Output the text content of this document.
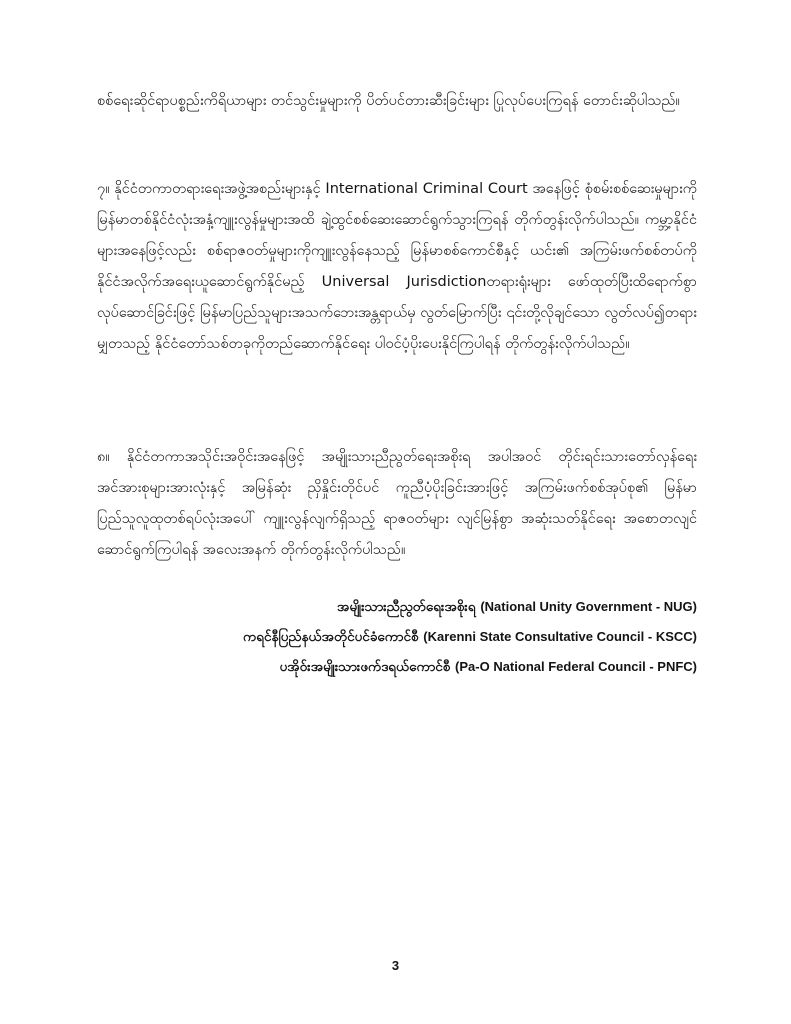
စစ်ရေးဆိုင်ရာပစ္စည်းကိရိယာများ တင်သွင်းမှုများကို ပိတ်ပင်တားဆီးခြင်းများ ပြုလုပ်ပေးကြရန် တောင်းဆိုပါသည်။

၇။ နိုင်ငံတကာတရားရေးအဖွဲ့အစည်းများနှင့် International Criminal Court အနေဖြင့် စုံစမ်းစစ်ဆေးမှုများကို မြန်မာတစ်နိုင်ငံလုံးအနှံ့ကျူးလွန်မှုများအထိ ချဲ့ထွင်စစ်ဆေးဆောင်ရွက်သွားကြရန် တိုက်တွန်းလိုက်ပါသည်။ ကမ္ဘာ့နိုင်ငံများအနေဖြင့်လည်း စစ်ရာဇဝတ်မှုများကိုကျူးလွန်နေသည့် မြန်မာစစ်ကောင်စီနှင့် ယင်း၏ အကြမ်းဖက်စစ်တပ်ကို နိုင်ငံအလိုက်အရေးယူဆောင်ရွက်နိုင်မည့် Universal Jurisdictionတရားရုံးများ ဖော်ထုတ်ပြီးထိရောက်စွာလုပ်ဆောင်ခြင်းဖြင့် မြန်မာပြည်သူများအသက်ဘေးအန္တရာယ်မှ လွတ်မြောက်ပြီး ၎င်းတို့လိုချင်သော လွတ်လပ်၍တရားမျှတသည့် နိုင်ငံတော်သစ်တခုကိုတည်ဆောက်နိုင်ရေး ပါဝင်ပံ့ပိုးပေးနိုင်ကြပါရန် တိုက်တွန်းလိုက်ပါသည်။

၈။ နိုင်ငံတကာအသိုင်းအဝိုင်းအနေဖြင့် အမျိုးသားညီညွတ်ရေးအစိုးရ အပါအဝင် တိုင်းရင်းသားတော်လှန်ရေးအင်အားစုများအားလုံးနှင့် အမြန်ဆုံး ညှိနှိုင်းတိုင်ပင် ကူညီပံ့ပိုးခြင်းအားဖြင့် အကြမ်းဖက်စစ်အုပ်စု၏ မြန်မာပြည်သူလူထုတစ်ရပ်လုံးအပေါ် ကျူးလွန်လျက်ရှိသည့် ရာဇဝတ်များ လျင်မြန်စွာ အဆုံးသတ်နိုင်ရေး အစောတလျင် ဆောင်ရွက်ကြပါရန် အလေးအနက် တိုက်တွန်းလိုက်ပါသည်။

အမျိုးသားညီညွတ်ရေးအစိုးရ (National Unity Government - NUG)
ကရင်နီပြည်နယ်အတိုင်ပင်ခံကောင်စီ (Karenni State Consultative Council - KSCC)
ပအိုဝ်းအမျိုးသားဖက်ဒရယ်ကောင်စီ (Pa-O National Federal Council - PNFC)
3
